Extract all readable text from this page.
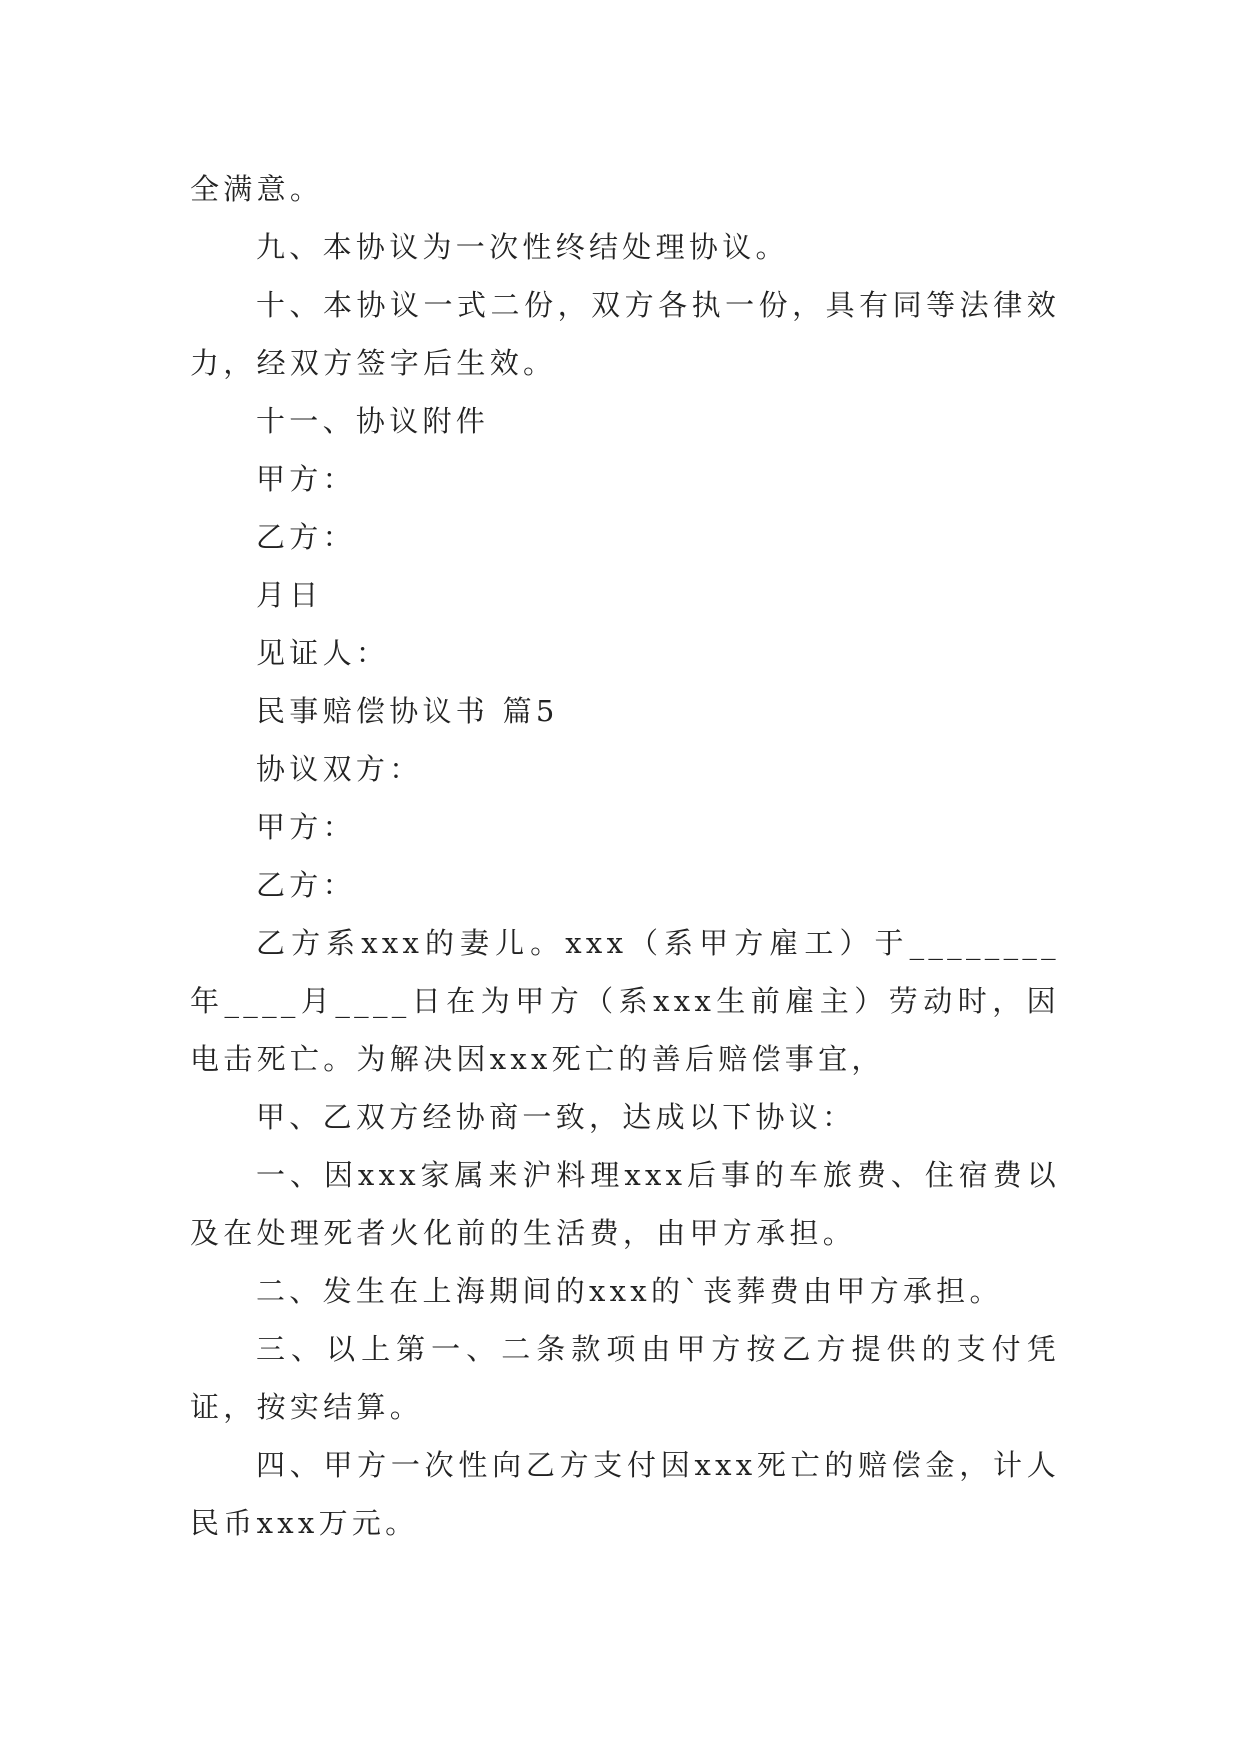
全满意。

九、本协议为一次性终结处理协议。

十、本协议一式二份，双方各执一份，具有同等法律效力，经双方签字后生效。

十一、协议附件

甲方：

乙方：

月日

见证人：

民事赔偿协议书 篇5

协议双方：

甲方：

乙方：

乙方系xxx的妻儿。xxx（系甲方雇工）于________年____月____日在为甲方（系xxx生前雇主）劳动时，因电击死亡。为解决因xxx死亡的善后赔偿事宜，

甲、乙双方经协商一致，达成以下协议：

一、因xxx家属来沪料理xxx后事的车旅费、住宿费以及在处理死者火化前的生活费，由甲方承担。

二、发生在上海期间的xxx的`丧葬费由甲方承担。

三、以上第一、二条款项由甲方按乙方提供的支付凭证，按实结算。

四、甲方一次性向乙方支付因xxx死亡的赔偿金，计人民币xxx万元。
